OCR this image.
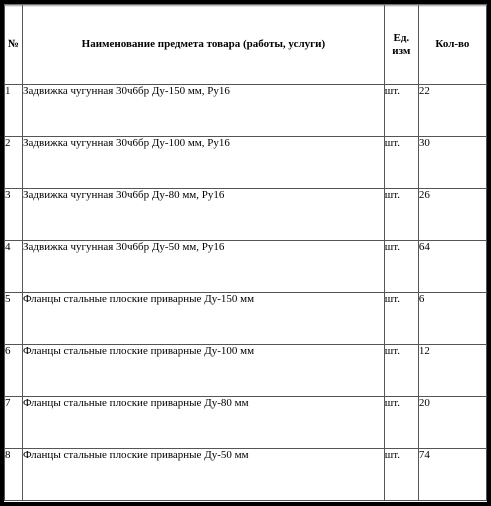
№	Наименование предмета товара (работы, услуги)	Ед. изм	Кол-во
1	Задвижка чугунная 30ч6бр Ду-150 мм, Ру16	шт.	22
2	Задвижка чугунная 30ч6бр Ду-100 мм, Ру16	шт.	30
3	Задвижка чугунная 30ч6бр Ду-80 мм, Ру16	шт.	26
4	Задвижка чугунная 30ч6бр Ду-50 мм, Ру16	шт.	64
5	Фланцы стальные плоские приварные Ду-150 мм	шт.	6
6	Фланцы стальные плоские приварные Ду-100 мм	шт.	12
7	Фланцы стальные плоские приварные Ду-80 мм	шт.	20
8	Фланцы стальные плоские приварные Ду-50 мм	шт.	74
